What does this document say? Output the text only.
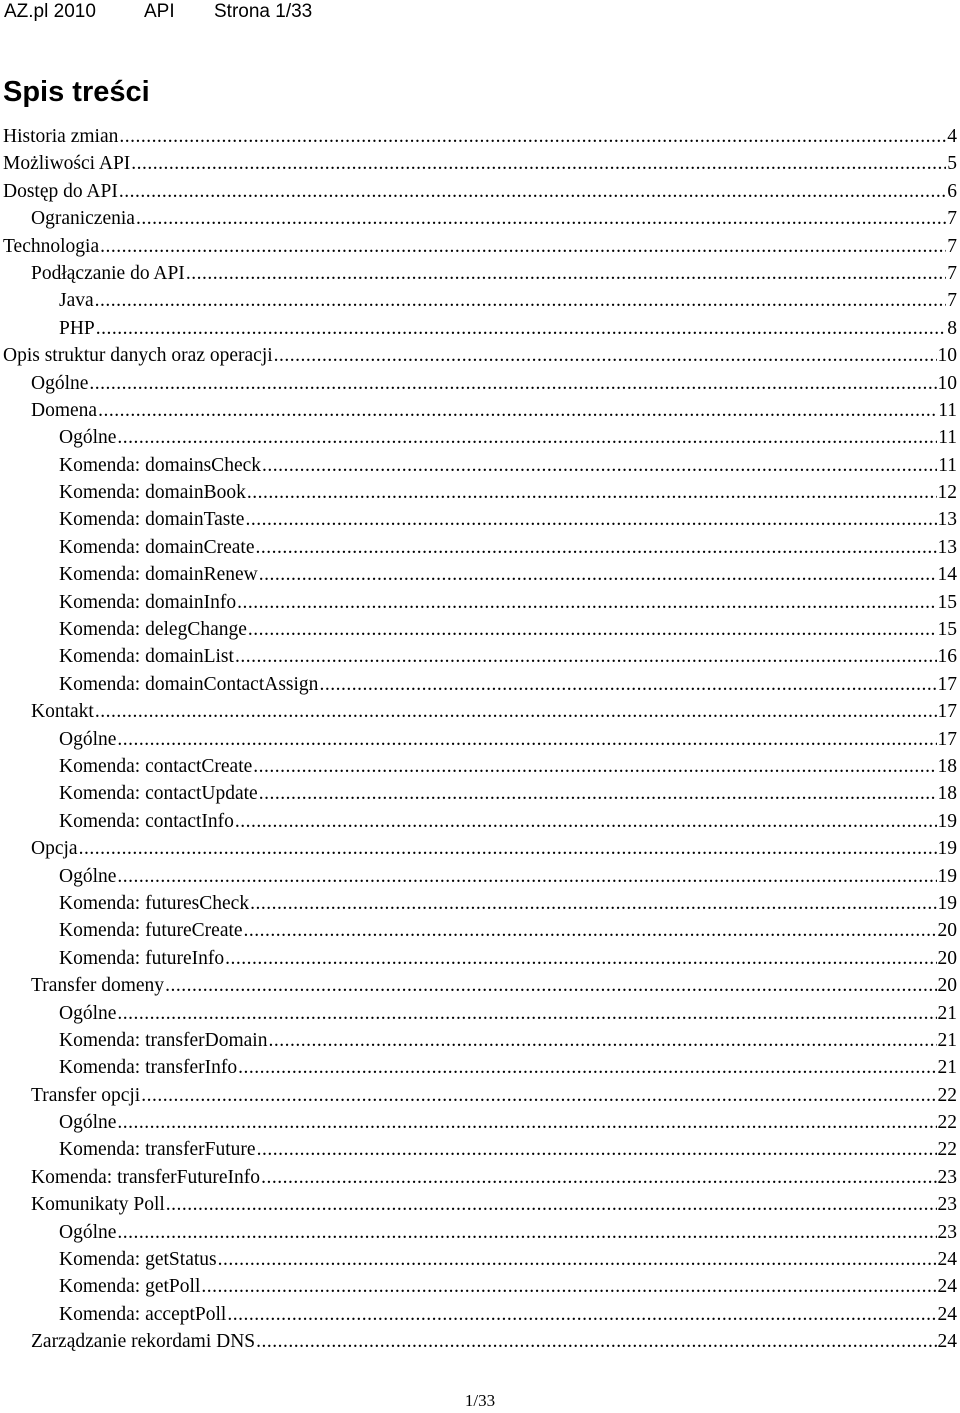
AZ.pl 2010	API Strona 1/33
Spis treści
Historia zmian .....	4
Możliwości API .....	5
Dostęp do API .....	6
Ograniczenia .....	7
Technologia .....	7
Podłączanie do API .....	7
Java .....	7
PHP .....	8
Opis struktur danych oraz operacji .....	10
Ogólne .....	10
Domena .....	11
Ogólne .....	11
Komenda: domainsCheck .....	11
Komenda: domainBook .....	12
Komenda: domainTaste .....	13
Komenda: domainCreate .....	13
Komenda: domainRenew .....	14
Komenda: domainInfo .....	15
Komenda: delegChange .....	15
Komenda: domainList .....	16
Komenda: domainContactAssign .....	17
Kontakt .....	17
Ogólne .....	17
Komenda: contactCreate .....	18
Komenda: contactUpdate .....	18
Komenda: contactInfo .....	19
Opcja .....	19
Ogólne .....	19
Komenda: futuresCheck .....	19
Komenda: futureCreate .....	20
Komenda: futureInfo .....	20
Transfer domeny .....	20
Ogólne .....	21
Komenda: transferDomain .....	21
Komenda: transferInfo .....	21
Transfer opcji .....	22
Ogólne .....	22
Komenda: transferFuture .....	22
Komenda: transferFutureInfo .....	23
Komunikaty Poll .....	23
Ogólne .....	23
Komenda: getStatus .....	24
Komenda: getPoll .....	24
Komenda: acceptPoll .....	24
Zarządzanie rekordami DNS .....	24
1/33
